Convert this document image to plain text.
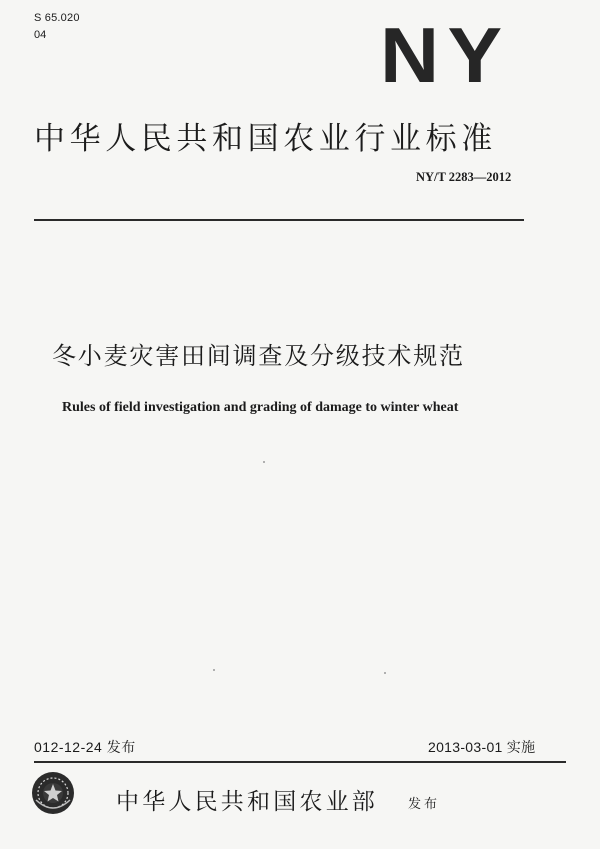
S 65.020
04	NY
中华人民共和国农业行业标准
NY/T 2283—2012
冬小麦灾害田间调查及分级技术规范
Rules of field investigation and grading of damage to winter wheat
012-12-24 发布	2013-03-01 实施
中华人民共和国农业部 发布
